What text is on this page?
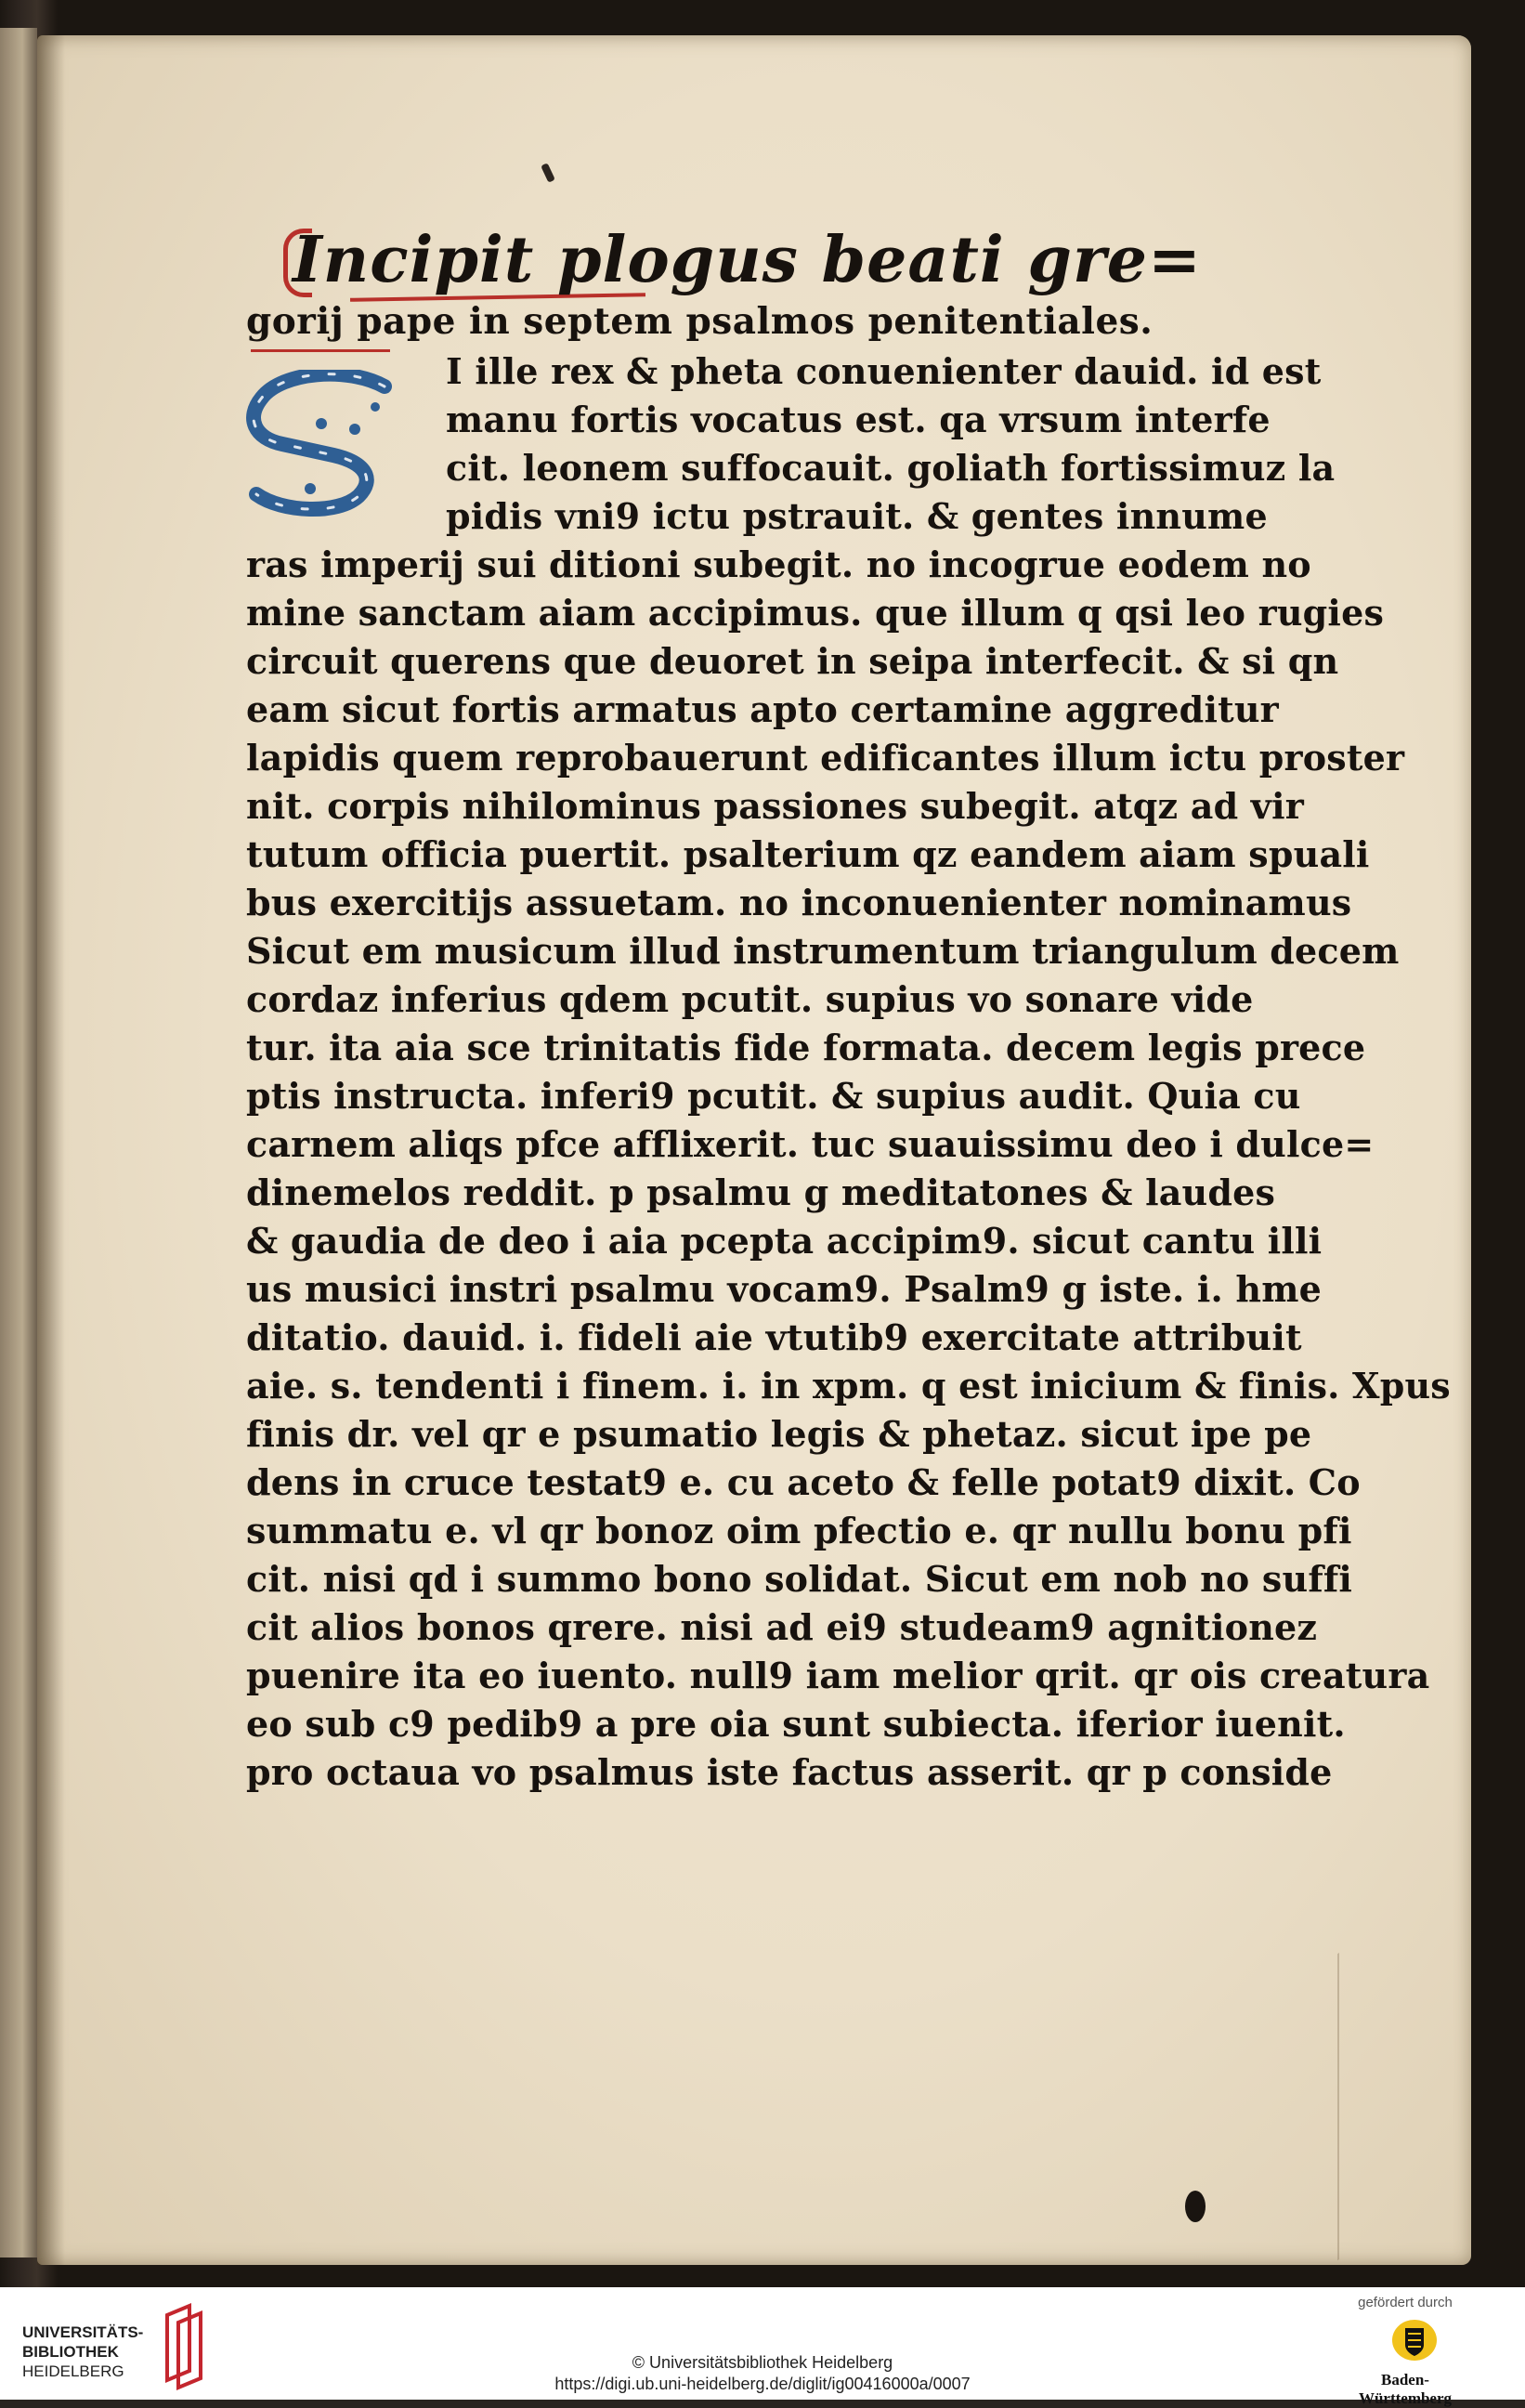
Incipit plogus beati gre=
gorij pape in septem psalmos penitentiales.
I ille rex & pheta conuenienter dauid. id est
manu fortis vocatus est. qa vrsum interfe
cit. leonem suffocauit. goliath fortissimuz la
pidis vni9 ictu pstrauit. & gentes innume
ras imperij sui ditioni subegit. no incogrue eodem no
mine sanctam aiam accipimus. que illum q qsi leo rugies
circuit querens que deuoret in seipa interfecit. & si qn
eam sicut fortis armatus apto certamine aggreditur
lapidis quem reprobauerunt edificantes illum ictu proster
nit. corpis nihilominus passiones subegit. atqz ad vir
tutum officia puertit. psalterium qz eandem aiam spuali
bus exercitijs assuetam. no inconuenienter nominamus
Sicut em musicum illud instrumentum triangulum decem
cordaz inferius qdem pcutit. supius vo sonare vide
tur. ita aia sce trinitatis fide formata. decem legis prece
ptis instructa. inferi9 pcutit. & supius audit. Quia cu
carnem aliqs pfce afflixerit. tuc suauissimu deo i dulce=
dinemelos reddit. p psalmu g meditatones & laudes
& gaudia de deo i aia pcepta accipim9. sicut cantu illi
us musici instri psalmu vocam9. Psalm9 g iste. i. hme
ditatio. dauid. i. fideli aie vtutib9 exercitate attribuit
aie. s. tendenti i finem. i. in xpm. q est inicium & finis. Xpus
finis dr. vel qr e psumatio legis & phetaz. sicut ipe pe
dens in cruce testat9 e. cu aceto & felle potat9 dixit. Co
summatu e. vl qr bonoz oim pfectio e. qr nullu bonu pfi
cit. nisi qd i summo bono solidat. Sicut em nob no suffi
cit alios bonos qrere. nisi ad ei9 studeam9 agnitionez
puenire ita eo iuento. null9 iam melior qrit. qr ois creatura
eo sub c9 pedib9 a pre oia sunt subiecta. iferior iuenit.
pro octaua vo psalmus iste factus asserit. qr p conside
UNIVERSITÄTS-
BIBLIOTHEK
HEIDELBERG	© Universitätsbibliothek Heidelberg
https://digi.ub.uni-heidelberg.de/diglit/ig00416000a/0007
gefördert durch
Baden-Württemberg
